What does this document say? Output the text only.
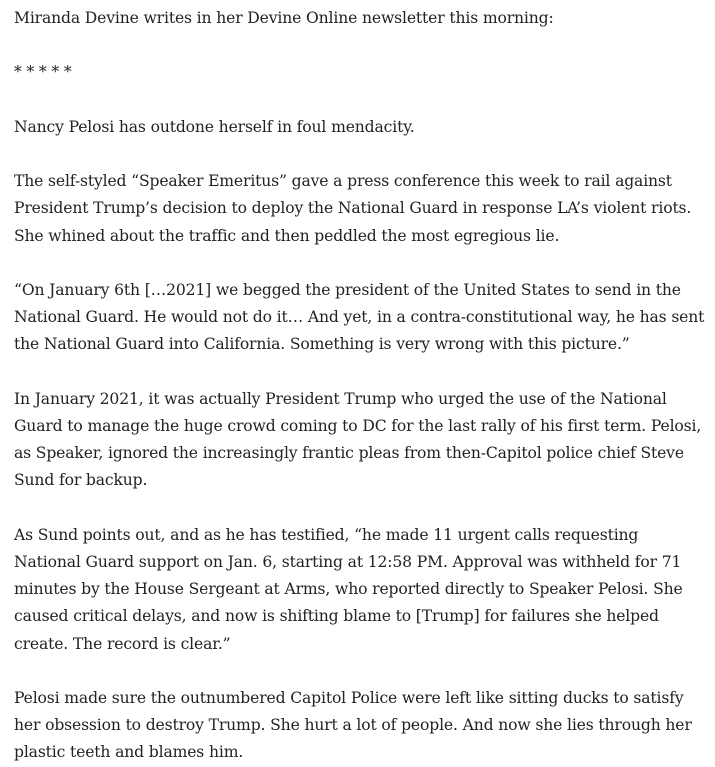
Miranda Devine writes in her Devine Online newsletter this morning:

* * * * *

Nancy Pelosi has outdone herself in foul mendacity.

The self-styled “Speaker Emeritus” gave a press conference this week to rail against President Trump’s decision to deploy the National Guard in response LA’s violent riots. She whined about the traffic and then peddled the most egregious lie.

“On January 6th […2021] we begged the president of the United States to send in the National Guard. He would not do it… And yet, in a contra-constitutional way, he has sent the National Guard into California. Something is very wrong with this picture.”

In January 2021, it was actually President Trump who urged the use of the National Guard to manage the huge crowd coming to DC for the last rally of his first term. Pelosi, as Speaker, ignored the increasingly frantic pleas from then-Capitol police chief Steve Sund for backup.

As Sund points out, and as he has testified, “he made 11 urgent calls requesting National Guard support on Jan. 6, starting at 12:58 PM. Approval was withheld for 71 minutes by the House Sergeant at Arms, who reported directly to Speaker Pelosi. She caused critical delays, and now is shifting blame to [Trump] for failures she helped create. The record is clear.”

Pelosi made sure the outnumbered Capitol Police were left like sitting ducks to satisfy her obsession to destroy Trump. She hurt a lot of people. And now she lies through her plastic teeth and blames him.
